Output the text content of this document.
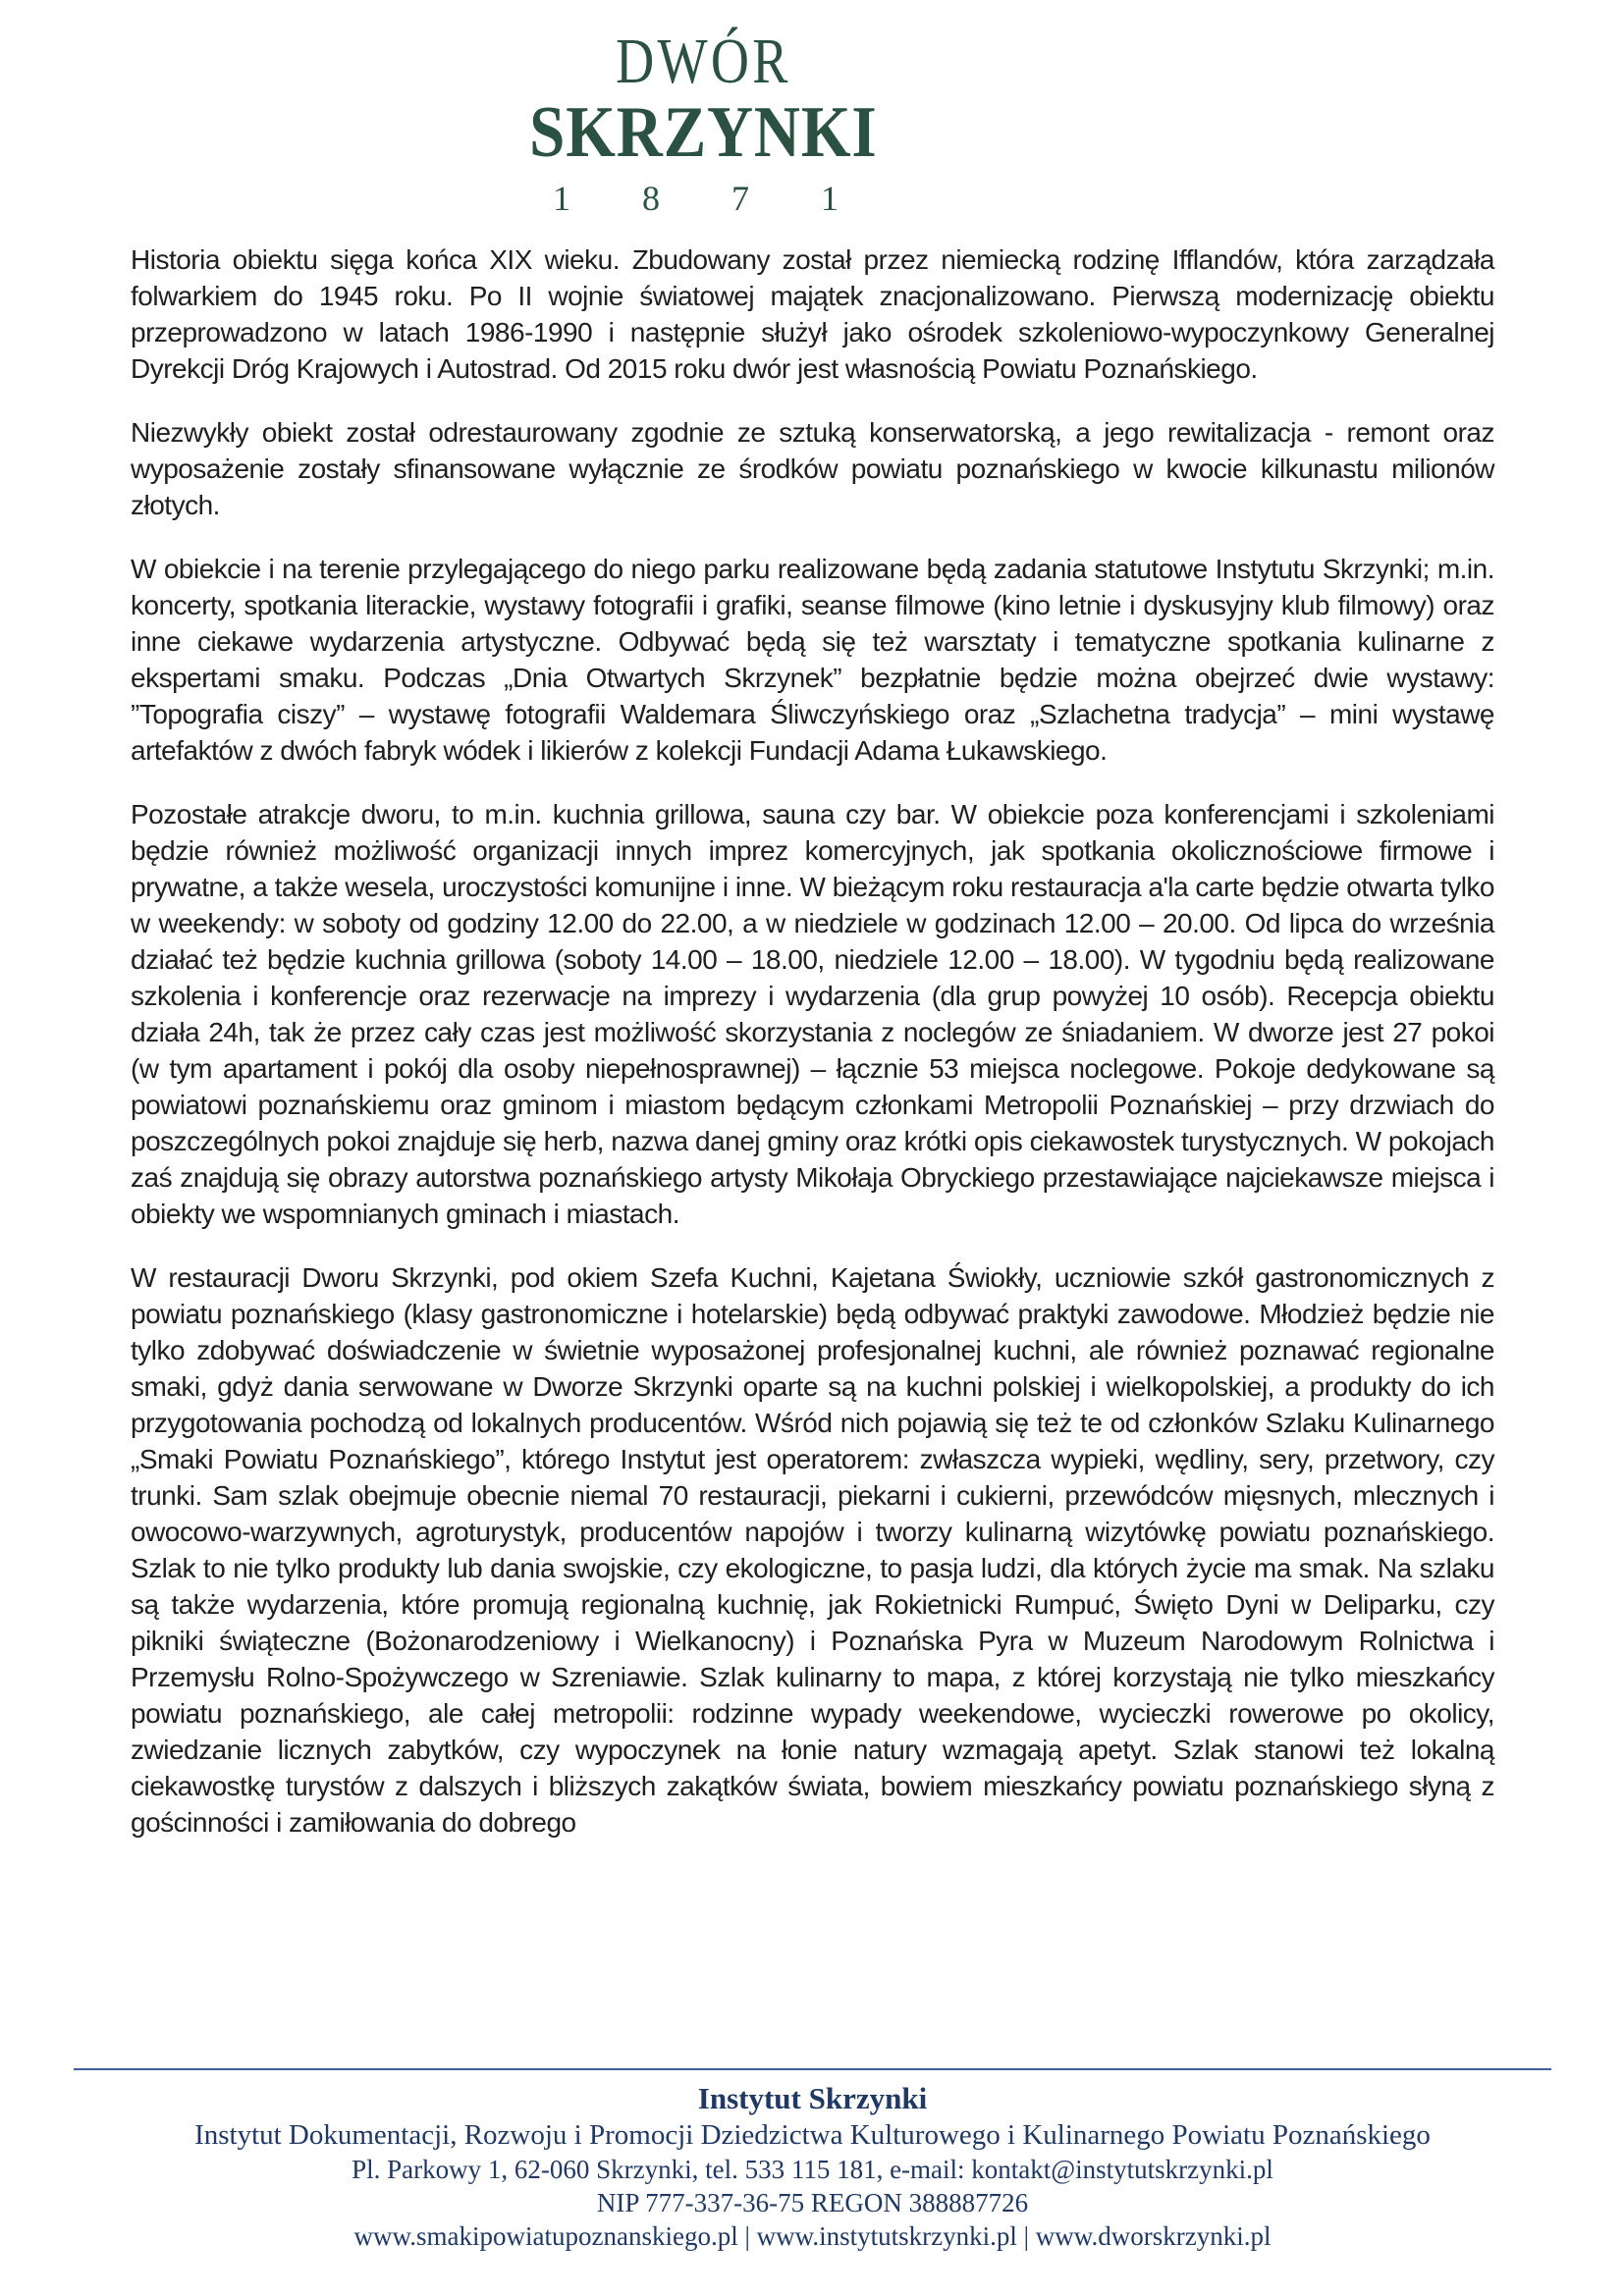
DWÓR
SKRZYNKI
1 8 7 1

Historia obiektu sięga końca XIX wieku. Zbudowany został przez niemiecką rodzinę Ifflandów, która zarządzała folwarkiem do 1945 roku. Po II wojnie światowej majątek znacjonalizowano. Pierwszą modernizację obiektu przeprowadzono w latach 1986-1990 i następnie służył jako ośrodek szkoleniowo-wypoczynkowy Generalnej Dyrekcji Dróg Krajowych i Autostrad. Od 2015 roku dwór jest własnością Powiatu Poznańskiego.

Niezwykły obiekt został odrestaurowany zgodnie ze sztuką konserwatorską, a jego rewitalizacja - remont oraz wyposażenie zostały sfinansowane wyłącznie ze środków powiatu poznańskiego w kwocie kilkunastu milionów złotych.

W obiekcie i na terenie przylegającego do niego parku realizowane będą zadania statutowe Instytutu Skrzynki; m.in. koncerty, spotkania literackie, wystawy fotografii i grafiki, seanse filmowe (kino letnie i dyskusyjny klub filmowy) oraz inne ciekawe wydarzenia artystyczne. Odbywać będą się też warsztaty i tematyczne spotkania kulinarne z ekspertami smaku. Podczas „Dnia Otwartych Skrzynek” bezpłatnie będzie można obejrzeć dwie wystawy: ”Topografia ciszy” – wystawę fotografii Waldemara Śliwczyńskiego oraz „Szlachetna tradycja” – mini wystawę artefaktów z dwóch fabryk wódek i likierów z kolekcji Fundacji Adama Łukawskiego.

Pozostałe atrakcje dworu, to m.in. kuchnia grillowa, sauna czy bar. W obiekcie poza konferencjami i szkoleniami będzie również możliwość organizacji innych imprez komercyjnych, jak spotkania okolicznościowe firmowe i prywatne, a także wesela, uroczystości komunijne i inne. W bieżącym roku restauracja a'la carte będzie otwarta tylko w weekendy: w soboty od godziny 12.00 do 22.00, a w niedziele w godzinach 12.00 – 20.00. Od lipca do września działać też będzie kuchnia grillowa (soboty 14.00 – 18.00, niedziele 12.00 – 18.00). W tygodniu będą realizowane szkolenia i konferencje oraz rezerwacje na imprezy i wydarzenia (dla grup powyżej 10 osób). Recepcja obiektu działa 24h, tak że przez cały czas jest możliwość skorzystania z noclegów ze śniadaniem. W dworze jest 27 pokoi (w tym apartament i pokój dla osoby niepełnosprawnej) – łącznie 53 miejsca noclegowe. Pokoje dedykowane są powiatowi poznańskiemu oraz gminom i miastom będącym członkami Metropolii Poznańskiej – przy drzwiach do poszczególnych pokoi znajduje się herb, nazwa danej gminy oraz krótki opis ciekawostek turystycznych. W pokojach zaś znajdują się obrazy autorstwa poznańskiego artysty Mikołaja Obryckiego przestawiające najciekawsze miejsca i obiekty we wspomnianych gminach i miastach.

W restauracji Dworu Skrzynki, pod okiem Szefa Kuchni, Kajetana Świokły, uczniowie szkół gastronomicznych z powiatu poznańskiego (klasy gastronomiczne i hotelarskie) będą odbywać praktyki zawodowe. Młodzież będzie nie tylko zdobywać doświadczenie w świetnie wyposażonej profesjonalnej kuchni, ale również poznawać regionalne smaki, gdyż dania serwowane w Dworze Skrzynki oparte są na kuchni polskiej i wielkopolskiej, a produkty do ich przygotowania pochodzą od lokalnych producentów. Wśród nich pojawią się też te od członków Szlaku Kulinarnego „Smaki Powiatu Poznańskiego”, którego Instytut jest operatorem: zwłaszcza wypieki, wędliny, sery, przetwory, czy trunki. Sam szlak obejmuje obecnie niemal 70 restauracji, piekarni i cukierni, przewódców mięsnych, mlecznych i owocowo-warzywnych, agroturystyk, producentów napojów i tworzy kulinarną wizytówkę powiatu poznańskiego. Szlak to nie tylko produkty lub dania swojskie, czy ekologiczne, to pasja ludzi, dla których życie ma smak. Na szlaku są także wydarzenia, które promują regionalną kuchnię, jak Rokietnicki Rumpuć, Święto Dyni w Deliparku, czy pikniki świąteczne (Bożonarodzeniowy i Wielkanocny) i Poznańska Pyra w Muzeum Narodowym Rolnictwa i Przemysłu Rolno-Spożywczego w Szreniawie. Szlak kulinarny to mapa, z której korzystają nie tylko mieszkańcy powiatu poznańskiego, ale całej metropolii: rodzinne wypady weekendowe, wycieczki rowerowe po okolicy, zwiedzanie licznych zabytków, czy wypoczynek na łonie natury wzmagają apetyt. Szlak stanowi też lokalną ciekawostkę turystów z dalszych i bliższych zakątków świata, bowiem mieszkańcy powiatu poznańskiego słyną z gościnności i zamiłowania do dobrego

Instytut Skrzynki
Instytut Dokumentacji, Rozwoju i Promocji Dziedzictwa Kulturowego i Kulinarnego Powiatu Poznańskiego
Pl. Parkowy 1, 62-060 Skrzynki, tel. 533 115 181, e-mail: kontakt@instytutskrzynki.pl
NIP 777-337-36-75 REGON 388887726
www.smakipowiatupoznanskiego.pl | www.instytutskrzynki.pl | www.dworskrzynki.pl
